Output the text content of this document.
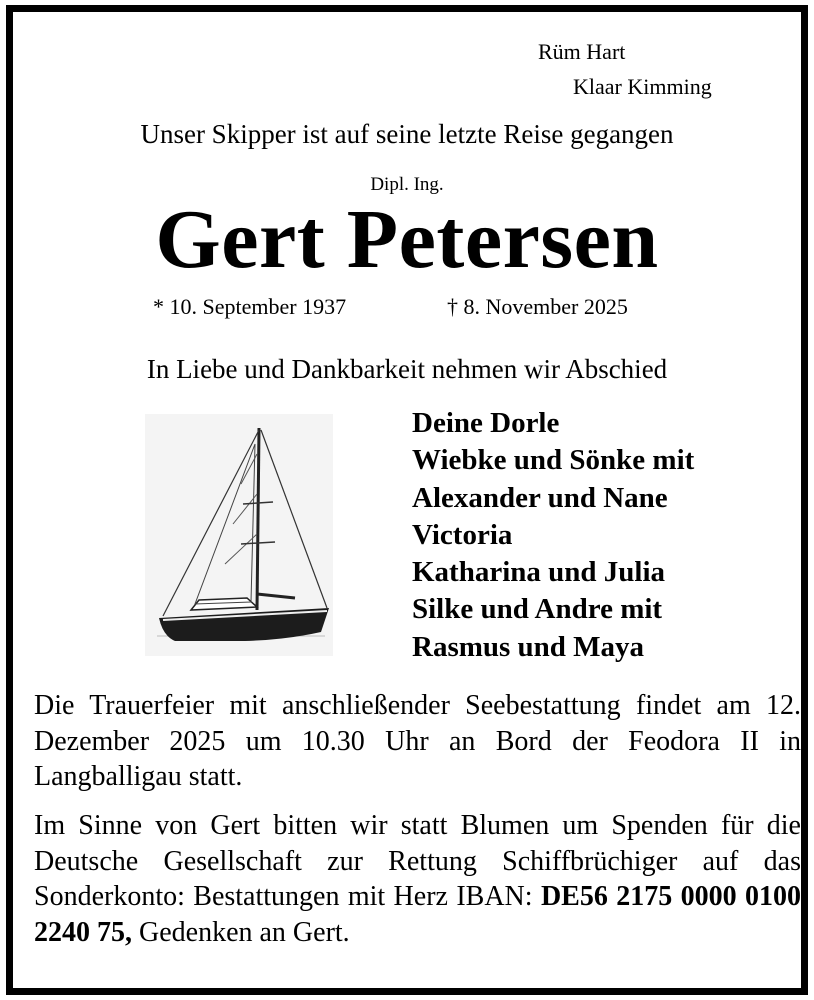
Rüm Hart
Klaar Kimming
Unser Skipper ist auf seine letzte Reise gegangen
Dipl. Ing.
Gert Petersen
* 10. September 1937	† 8. November 2025
In Liebe und Dankbarkeit nehmen wir Abschied
Deine Dorle
Wiebke und Sönke mit
Alexander und Nane
Victoria
Katharina und Julia
Silke und Andre mit
Rasmus und Maya
Die Trauerfeier mit anschließender Seebestattung findet am 12. Dezember 2025 um 10.30 Uhr an Bord der Feodora II in Langballigau statt.
Im Sinne von Gert bitten wir statt Blumen um Spenden für die Deutsche Gesellschaft zur Rettung Schiffbrüchiger auf das Sonderkonto: Bestattungen mit Herz IBAN: DE56 2175 0000 0100 2240 75, Gedenken an Gert.
